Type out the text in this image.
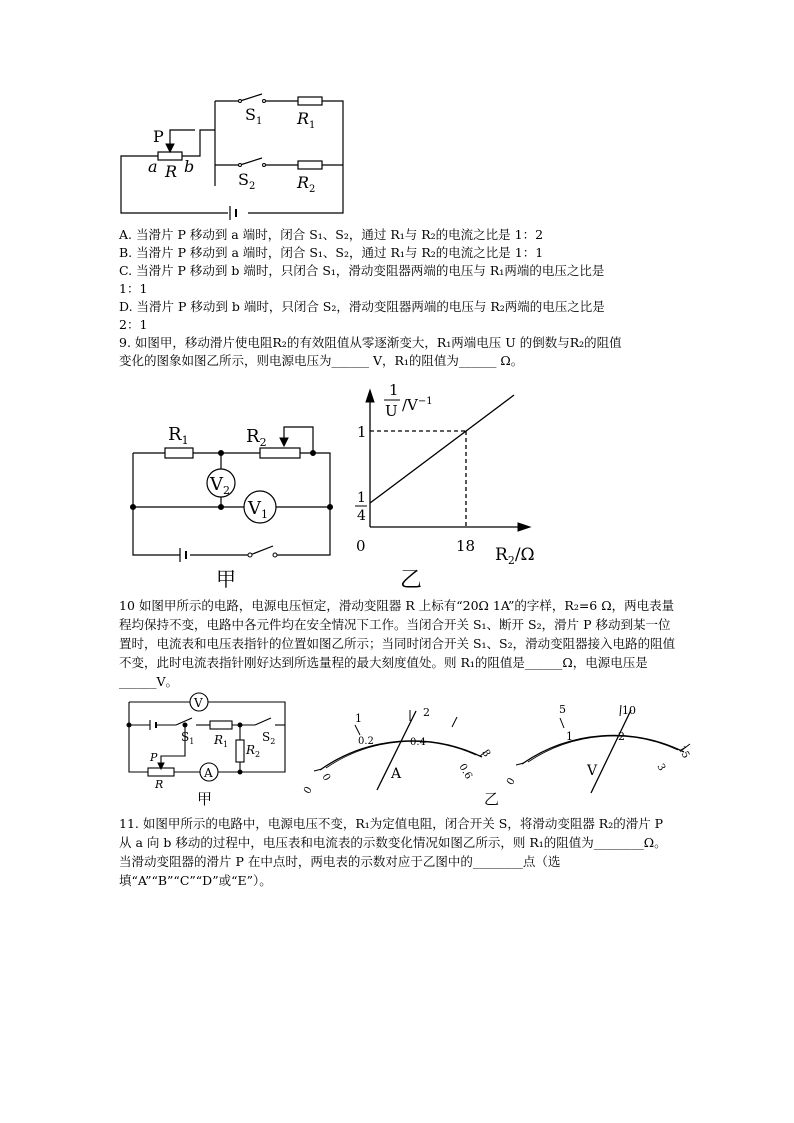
$S_1$ $R_1$
$S_2$	$R_2$
P
a R b
A. 当滑片 P 移动到 a 端时，闭合 S₁、S₂，通过 R₁与 R₂的电流之比是 1：2
B. 当滑片 P 移动到 a 端时，闭合 S₁、S₂，通过 R₁与 R₂的电流之比是 1：1
C. 当滑片 P 移动到 b 端时，只闭合 S₁，滑动变阻器两端的电压与 R₁两端的电压之比是
1：1
D. 当滑片 P 移动到 b 端时，只闭合 S₂，滑动变阻器两端的电压与 R₂两端的电压之比是
2：1
9. 如图甲，移动滑片使电阻R₂的有效阻值从零逐渐变大，R₁两端电压 U 的倒数与R₂的阻值
变化的图象如图乙所示，则电源电压为______ V，R₁的阻值为______ Ω。
$R_1$	$R_2$
$V_2$
$V_1$
甲
1
U $/V^{-1}$
1
1
4
0	18 $R_2/\Omega$
乙
10 如图甲所示的电路，电源电压恒定，滑动变阻器 R 上标有“20Ω 1A”的字样，R₂=6 Ω，两电表量程均保持不变，电路中各元件均在安全情况下工作。当闭合开关 S₁、断开 S₂，滑片 P 移动到某一位置时，电流表和电压表指针的位置如图乙所示；当同时闭合开关 S₁、S₂，滑动变阻器接入电路的阻值不变，此时电流表指针刚好达到所选量程的最大刻度值处。则 R₁的阻值是______Ω，电源电压是______V。
V
A
$S_1$ $R_1$
$S_2$
$R_2$
P
R
甲	0
1	2
3
0
0.2	0.4
0.6
A
5	10
15
0
1	2
3
V
乙
11. 如图甲所示的电路中，电源电压不变，R₁为定值电阻，闭合开关 S，将滑动变阻器 R₂的滑片 P 从 a 向 b 移动的过程中，电压表和电流表的示数变化情况如图乙所示，则 R₁的阻值为________Ω。当滑动变阻器的滑片 P 在中点时，两电表的示数对应于乙图中的________点（选填“A”“B”“C”“D”或“E”）。
